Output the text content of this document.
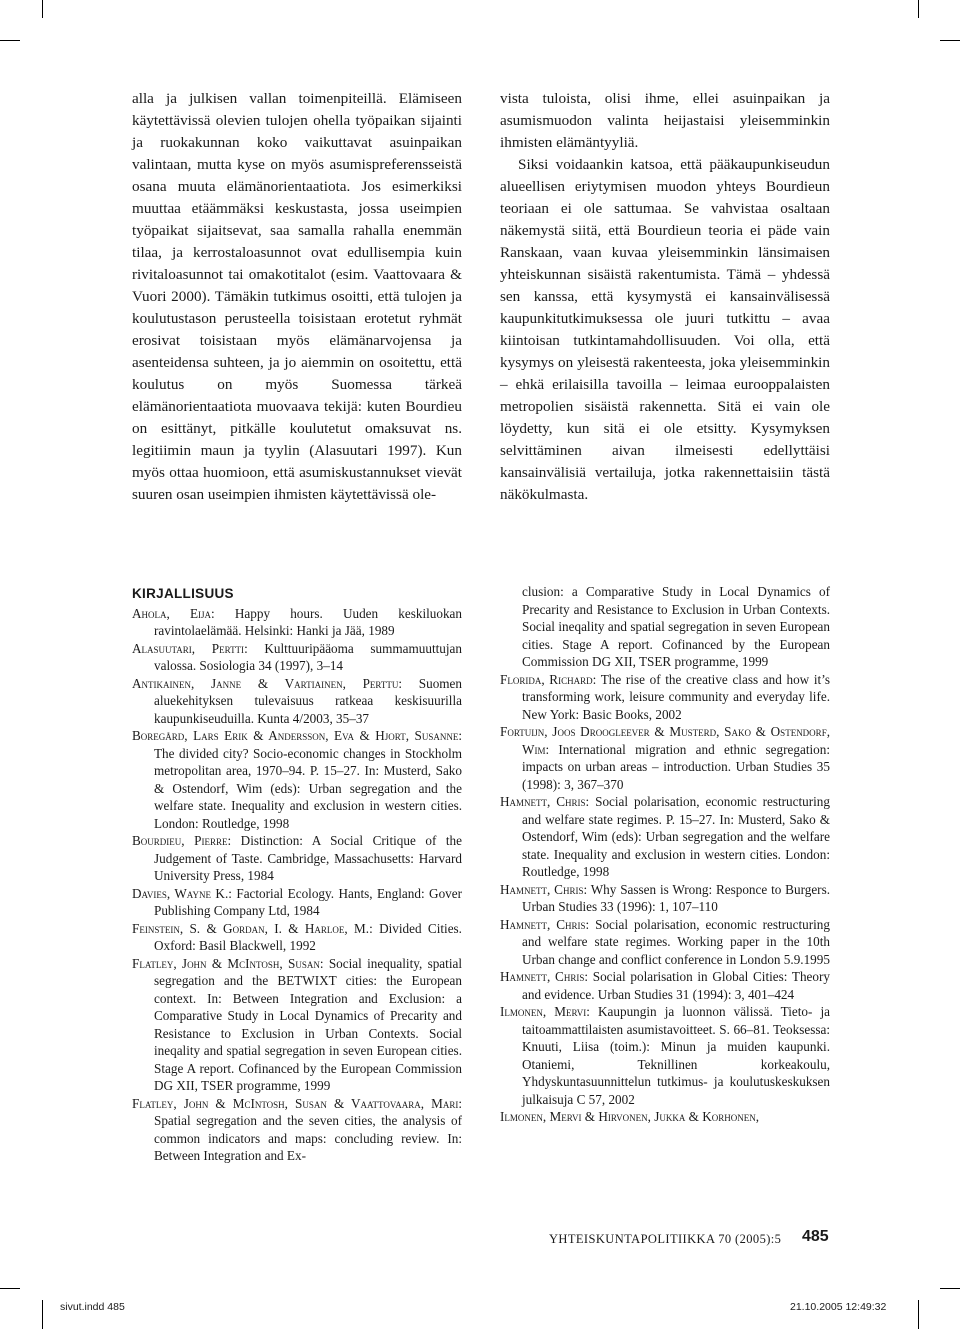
alla ja julkisen vallan toimenpiteillä. Elämiseen käytettävissä olevien tulojen ohella työpaikan sijainti ja ruokakunnan koko vaikuttavat asuinpaikan valintaan, mutta kyse on myös asumispreferensseistä osana muuta elämänorientaatiota. Jos esimerkiksi muuttaa etäämmäksi keskustasta, jossa useimpien työpaikat sijaitsevat, saa samalla rahalla enemmän tilaa, ja kerrostaloasunnot ovat edullisempia kuin rivitaloasunnot tai omakotitalot (esim. Vaattovaara & Vuori 2000). Tämäkin tutkimus osoitti, että tulojen ja koulutustason perusteella toisistaan erotetut ryhmät erosivat toisistaan myös elämänarvojensa ja asenteidensa suhteen, ja jo aiemmin on osoitettu, että koulutus on myös Suomessa tärkeä elämänorientaatiota muovaava tekijä: kuten Bourdieu on esittänyt, pitkälle koulutetut omaksuvat ns. legitiimin maun ja tyylin (Alasuutari 1997). Kun myös ottaa huomioon, että asumiskustannukset vievät suuren osan useimpien ihmisten käytettävissä ole-

vista tuloista, olisi ihme, ellei asuinpaikan ja asumismuodon valinta heijastaisi yleisemminkin ihmisten elämäntyyliä.

Siksi voidaankin katsoa, että pääkaupunkiseudun alueellisen eriytymisen muodon yhteys Bourdieun teoriaan ei ole sattumaa. Se vahvistaa osaltaan näkemystä siitä, että Bourdieun teoria ei päde vain Ranskaan, vaan kuvaa yleisemminkin länsimaisen yhteiskunnan sisäistä rakentumista. Tämä – yhdessä sen kanssa, että kysymystä ei kansainvälisessä kaupunkitutkimuksessa ole juuri tutkittu – avaa kiintoisan tutkintamahdollisuuden. Voi olla, että kysymys on yleisestä rakenteesta, joka yleisemminkin – ehkä erilaisilla tavoilla – leimaa eurooppalaisten metropolien sisäistä rakennetta. Sitä ei vain ole löydetty, kun sitä ei ole etsitty. Kysymyksen selvittäminen aivan ilmeisesti edellyttäisi kansainvälisiä vertailuja, jotka rakennettaisiin tästä näkökulmasta.

KIRJALLISUUS

Ahola, Eija: Happy hours. Uuden keskiluokan ravintolaelämää. Helsinki: Hanki ja Jää, 1989

Alasuutari, Pertti: Kulttuuripääoma summamuuttujan valossa. Sosiologia 34 (1997), 3–14

Antikainen, Janne & Vartiainen, Perttu: Suomen aluekehityksen tulevaisuus ratkeaa keskisuurilla kaupunkiseuduilla. Kunta 4/2003, 35–37

Boregård, Lars Erik & Andersson, Eva & Hjort, Susanne: The divided city? Socio-economic changes in Stockholm metropolitan area, 1970–94. P. 15–27. In: Musterd, Sako & Ostendorf, Wim (eds): Urban segregation and the welfare state. Inequality and exclusion in western cities. London: Routledge, 1998

Bourdieu, Pierre: Distinction: A Social Critique of the Judgement of Taste. Cambridge, Massachusetts: Harvard University Press, 1984

Davies, Wayne K.: Factorial Ecology. Hants, England: Gover Publishing Company Ltd, 1984

Feinstein, S. & Gordan, I. & Harloe, M.: Divided Cities. Oxford: Basil Blackwell, 1992

Flatley, John & McIntosh, Susan: Social inequality, spatial segregation and the BETWIXT cities: the European context. In: Between Integration and Exclusion: a Comparative Study in Local Dynamics of Precarity and Resistance to Exclusion in Urban Contexts. Social ineqality and spatial segregation in seven European cities. Stage A report. Cofinanced by the European Commission DG XII, TSER programme, 1999

Flatley, John & McIntosh, Susan & Vaattovaara, Mari: Spatial segregation and the seven cities, the analysis of common indicators and maps: concluding review. In: Between Integration and Ex-

clusion: a Comparative Study in Local Dynamics of Precarity and Resistance to Exclusion in Urban Contexts. Social ineqality and spatial segregation in seven European cities. Stage A report. Cofinanced by the European Commission DG XII, TSER programme, 1999

Florida, Richard: The rise of the creative class and how it’s transforming work, leisure community and everyday life. New York: Basic Books, 2002

Fortuijn, Joos Droogleever & Musterd, Sako & Ostendorf, Wim: International migration and ethnic segregation: impacts on urban areas – introduction. Urban Studies 35 (1998): 3, 367–370

Hamnett, Chris: Social polarisation, economic restructuring and welfare state regimes. P. 15–27. In: Musterd, Sako & Ostendorf, Wim (eds): Urban segregation and the welfare state. Inequality and exclusion in western cities. London: Routledge, 1998

Hamnett, Chris: Why Sassen is Wrong: Responce to Burgers. Urban Studies 33 (1996): 1, 107–110

Hamnett, Chris: Social polarisation, economic restructuring and welfare state regimes. Working paper in the 10th Urban change and conflict conference in London 5.9.1995

Hamnett, Chris: Social polarisation in Global Cities: Theory and evidence. Urban Studies 31 (1994): 3, 401–424

Ilmonen, Mervi: Kaupungin ja luonnon välissä. Tieto- ja taitoammattilaisten asumistavoitteet. S. 66–81. Teoksessa: Knuuti, Liisa (toim.): Minun ja muiden kaupunki. Otaniemi, Teknillinen korkeakoulu, Yhdyskuntasuunnittelun tutkimus- ja koulutuskeskuksen julkaisuja C 57, 2002

Ilmonen, Mervi & Hirvonen, Jukka & Korhonen,

YHTEISKUNTAPOLITIIKKA 70 (2005):5 485
sivut.indd 485	21.10.2005 12:49:32
